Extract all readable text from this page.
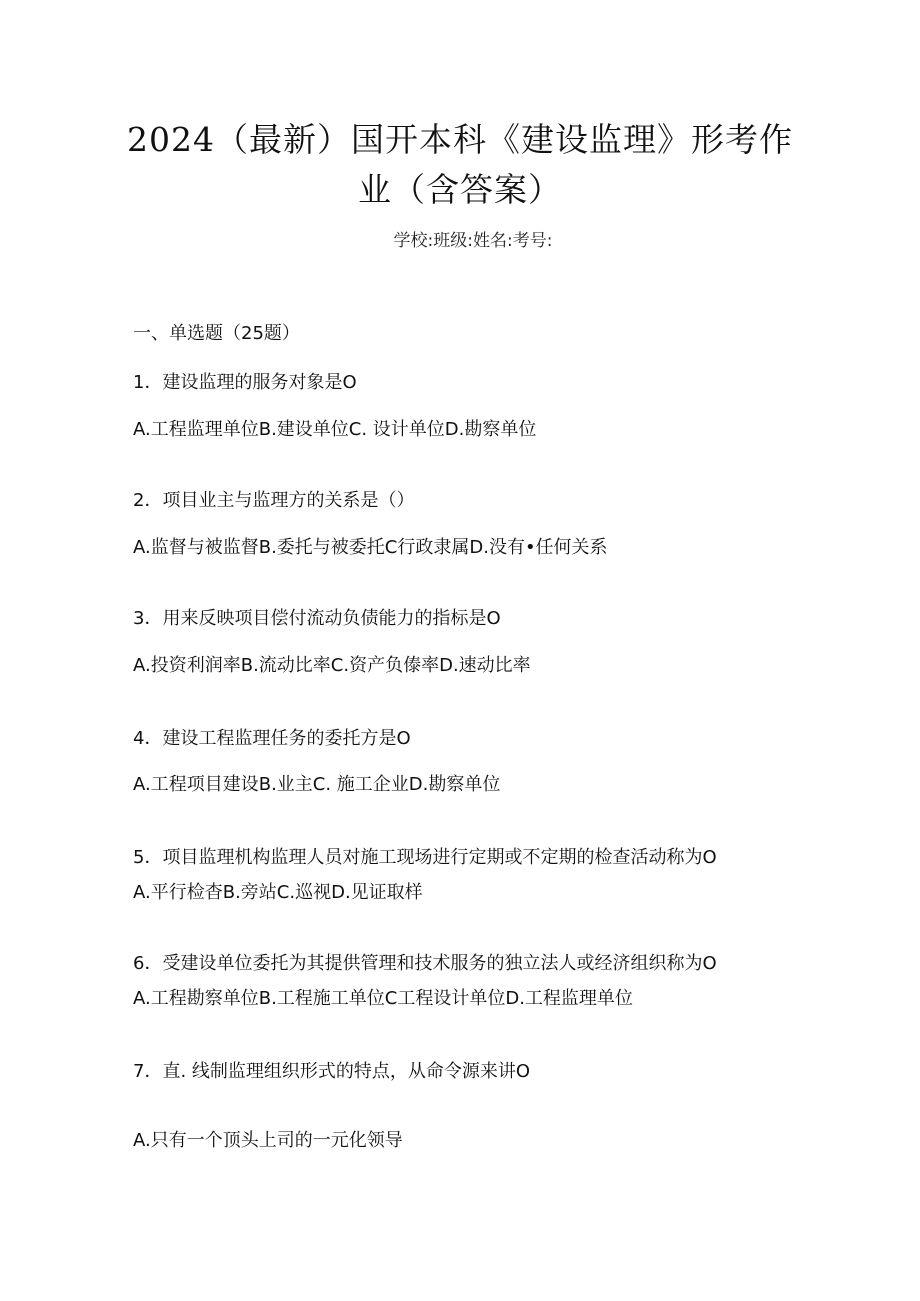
2024（最新）国开本科《建设监理》形考作
业（含答案）
学校:班级:姓名:考号:
一、单选题（25题）
1．建设监理的服务对象是O
A.工程监理单位B.建设单位C. 设计单位D.勘察单位
2．项目业主与监理方的关系是（）
A.监督与被监督B.委托与被委托C行政隶属D.没有•任何关系
3．用来反映项目偿付流动负债能力的指标是O
A.投资利润率B.流动比率C.资产负傣率D.速动比率
4．建设工程监理任务的委托方是O
A.工程项目建设B.业主C. 施工企业D.勘察单位
5．项目监理机构监理人员对施工现场进行定期或不定期的检查活动称为O
A.平行检杳B.旁站C.巡视D.见证取样
6．受建设单位委托为其提供管理和技术服务的独立法人或经济组织称为O
A.工程勘察单位B.工程施工单位C工程设计单位D.工程监理单位
7．直. 线制监理组织形式的特点，从命令源来讲O
A.只有一个顶头上司的一元化领导
